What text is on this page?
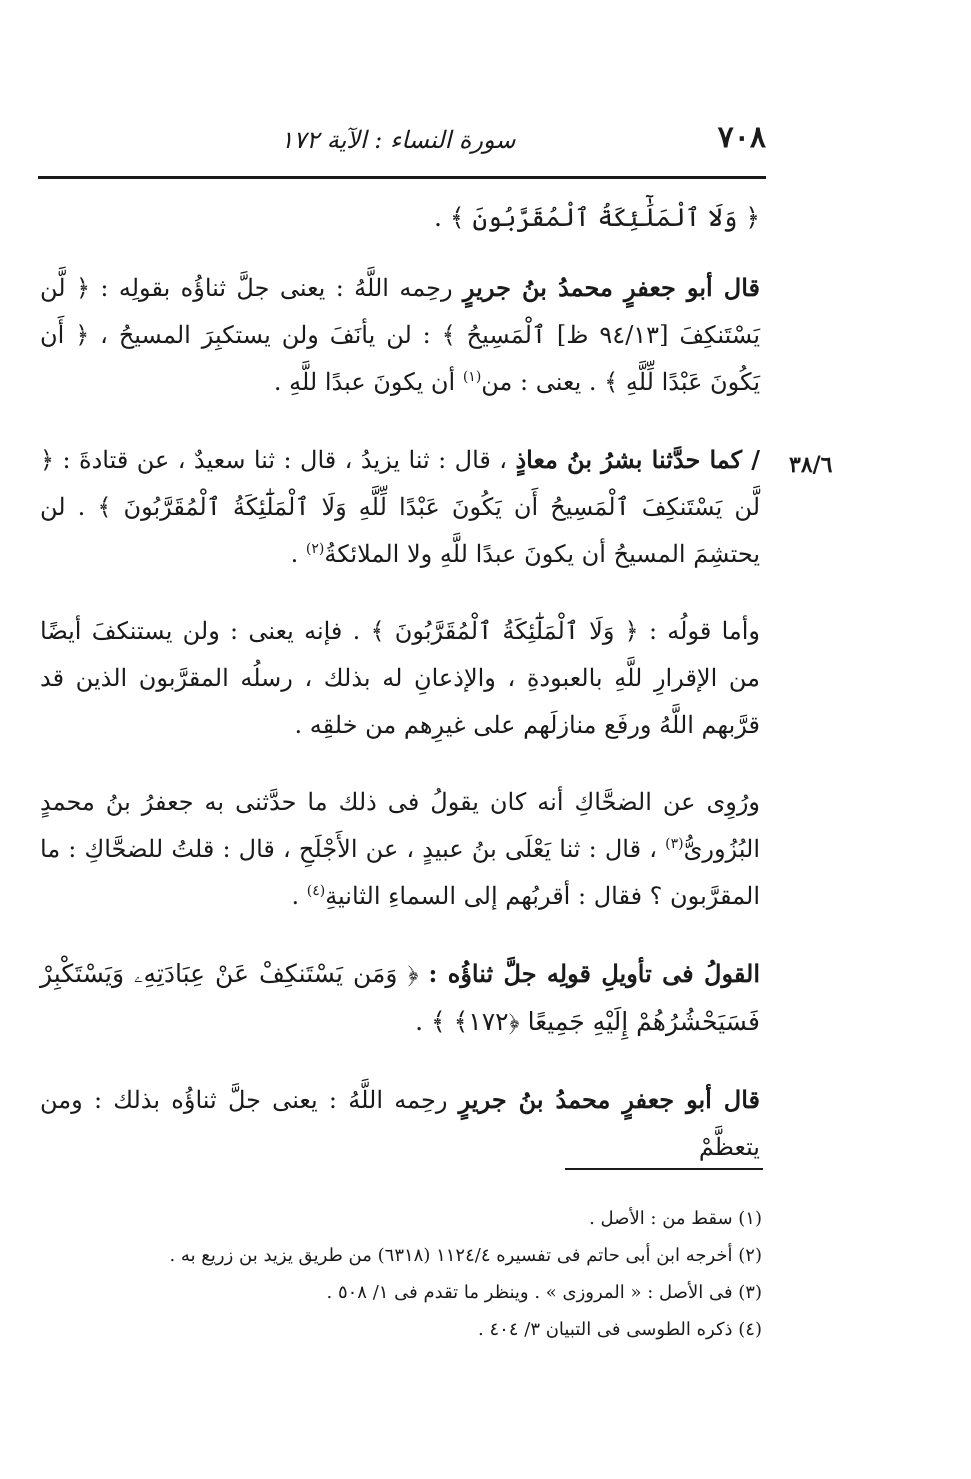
٧٠٨
سورة النساء : الآية ١٧٢
٣٨/٦

﴿ وَلَا ٱلْمَلَٰٓئِكَةُ ٱلْمُقَرَّبُونَ ﴾ .

قال أبو جعفرٍ محمدُ بنُ جريرٍ رحِمه اللَّهُ : يعنى جلَّ ثناؤُه بقولِه : ﴿ لَّن يَسْتَنكِفَ [٩٤/١٣ ظ] ٱلْمَسِيحُ ﴾ : لن يأنَفَ ولن يستكبِرَ المسيحُ ، ﴿ أَن يَكُونَ عَبْدًا لِّلَّهِ ﴾ . يعنى : من$^{(١)}$ أن يكونَ عبدًا للَّهِ .

/ كما حدَّثنا بشرُ بنُ معاذٍ ، قال : ثنا يزيدُ ، قال : ثنا سعيدٌ ، عن قتادةَ : ﴿ لَّن يَسْتَنكِفَ ٱلْمَسِيحُ أَن يَكُونَ عَبْدًا لِّلَّهِ وَلَا ٱلْمَلَٰٓئِكَةُ ٱلْمُقَرَّبُونَ ﴾ . لن يحتشِمَ المسيحُ أن يكونَ عبدًا للَّهِ ولا الملائكةُ$^{(٢)}$ .

وأما قولُه : ﴿ وَلَا ٱلْمَلَٰٓئِكَةُ ٱلْمُقَرَّبُونَ ﴾ . فإنه يعنى : ولن يستنكفَ أيضًا من الإقرارِ للَّهِ بالعبودةِ ، والإذعانِ له بذلك ، رسلُه المقرَّبون الذين قد قرَّبهم اللَّهُ ورفَع منازلَهم على غيرِهم من خلقِه .

ورُوِى عن الضحَّاكِ أنه كان يقولُ فى ذلك ما حدَّثنى به جعفرُ بنُ محمدٍ البُزُورىُّ$^{(٣)}$ ، قال : ثنا يَعْلَى بنُ عبيدٍ ، عن الأَجْلَحِ ، قال : قلتُ للضحَّاكِ : ما المقرَّبون ؟ فقال : أقربُهم إلى السماءِ الثانيةِ$^{(٤)}$ .

القولُ فى تأويلِ قولِه جلَّ ثناؤُه : ﴿ وَمَن يَسْتَنكِفْ عَنْ عِبَادَتِهِۦ وَيَسْتَكْبِرْ فَسَيَحْشُرُهُمْ إِلَيْهِ جَمِيعًا ﴿١٧٢﴾ ﴾ .

قال أبو جعفرٍ محمدُ بنُ جريرٍ رحِمه اللَّهُ : يعنى جلَّ ثناؤُه بذلك : ومن يتعظَّمْ

(١) سقط من : الأصل .
(٢) أخرجه ابن أبى حاتم فى تفسيره ١١٢٤/٤ (٦٣١٨) من طريق يزيد بن زريع به .
(٣) فى الأصل : « المروزى » . وينظر ما تقدم فى ١/ ٥٠٨ .
(٤) ذكره الطوسى فى التبيان ٣/ ٤٠٤ .
